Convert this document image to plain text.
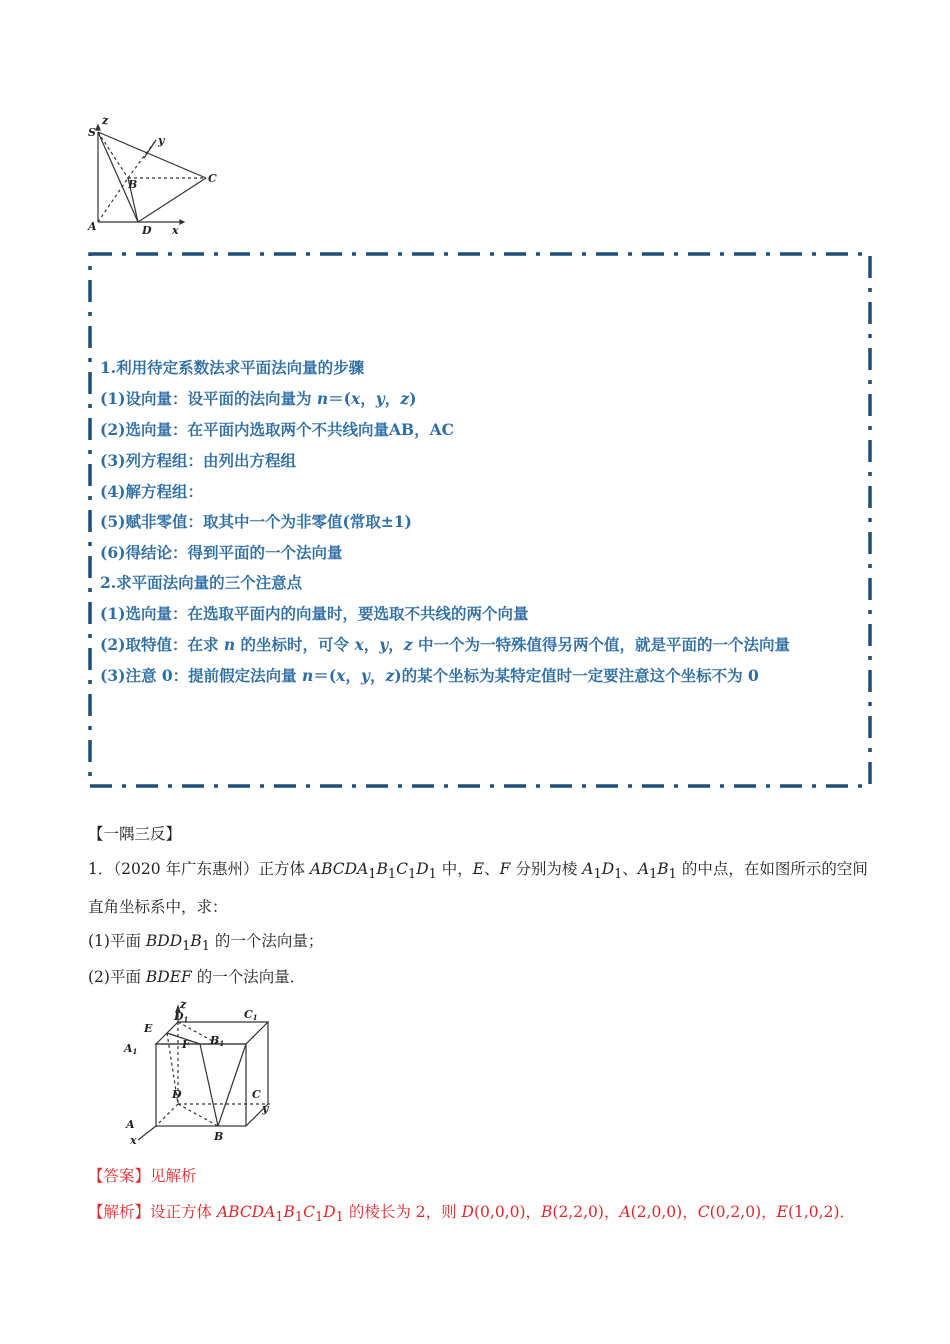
S
z
y
B	C
A	D x
1.利用待定系数法求平面法向量的步骤
(1)设向量：设平面的法向量为 n＝(x，y，z)
(2)选向量：在平面内选取两个不共线向量AB，AC
(3)列方程组：由列出方程组
(4)解方程组：
(5)赋非零值：取其中一个为非零值(常取±1)
(6)得结论：得到平面的一个法向量
2.求平面法向量的三个注意点
(1)选向量：在选取平面内的向量时，要选取不共线的两个向量
(2)取特值：在求 n 的坐标时，可令 x，y，z 中一个为一特殊值得另两个值，就是平面的一个法向量
(3)注意 0：提前假定法向量 n＝(x，y，z)的某个坐标为某特定值时一定要注意这个坐标不为 0
【一隅三反】
1．（2020 年广东惠州）正方体 $ABCDA_1B_1C_1D_1$ 中，E、F 分别为棱 $A_1D_1$、$A_1B_1$ 的中点，在如图所示的空间
直角坐标系中，求：
(1)平面 $BDD_1B_1$ 的一个法向量；
(2)平面 BDEF 的一个法向量．
z
D1	C1
E
F B1
A1
D	C
y
A
x	B
【答案】见解析
【解析】设正方体 $ABCDA_1B_1C_1D_1$ 的棱长为 2，则 D(0,0,0)，B(2,2,0)，A(2,0,0)，C(0,2,0)，E(1,0,2)．
